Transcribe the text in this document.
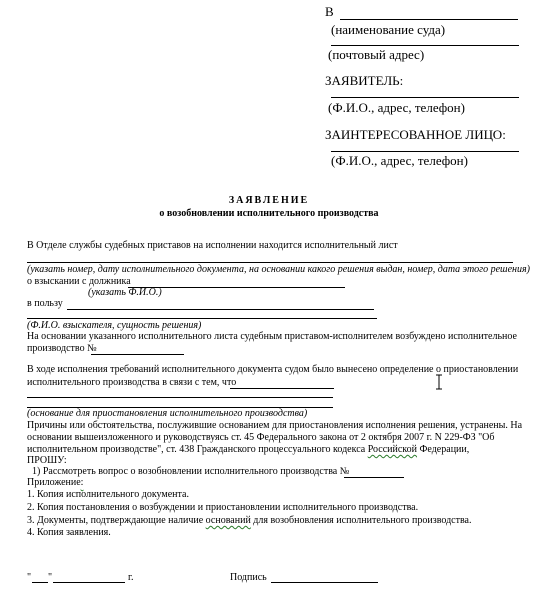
В
(наименование суда)
(почтовый адрес)
ЗАЯВИТЕЛЬ:
(Ф.И.О., адрес, телефон)
ЗАИНТЕРЕСОВАННОЕ ЛИЦО:
(Ф.И.О., адрес, телефон)
ЗАЯВЛЕНИЕ
о возобновлении исполнительного производства
В Отделе службы судебных приставов на исполнении находится исполнительный лист
(указать номер, дату исполнительного документа, на основании какого решения выдан, номер, дата этого решения)
о взыскании с должника
(указать Ф.И.О.)
в пользу
(Ф.И.О. взыскателя, сущность решения)
На основании указанного исполнительного листа судебным приставом-исполнителем возбуждено исполнительное
производство №
В ходе исполнения требований исполнительного документа судом было вынесено определение о приостановлении
исполнительного производства в связи с тем, что
(основание для приостановления исполнительного производства)
Причины или обстоятельства, послужившие основанием для приостановления исполнения решения, устранены. На
основании вышеизложенного и руководствуясь ст. 45 Федерального закона от 2 октября 2007 г. N 229-ФЗ "Об
исполнительном производстве", ст. 438 Гражданского процессуального кодекса Российской Федерации,
ПРОШУ:
1) Рассмотреть вопрос о возобновлении исполнительного производства №
Приложение:
1. Копия исполнительного документа.
2. Копия постановления о возбуждении и приостановлении исполнительного производства.
3. Документы, подтверждающие наличие оснований для возобновления исполнительного производства.
4. Копия заявления.
" "	г.	Подпись
